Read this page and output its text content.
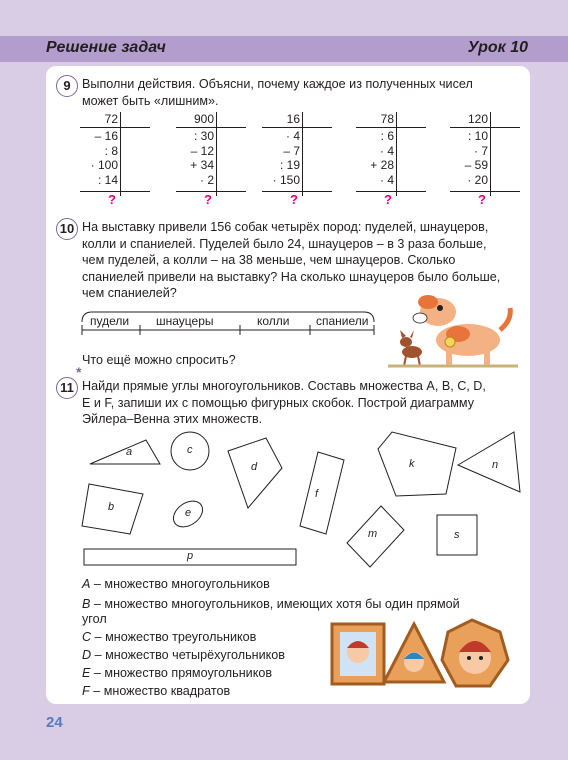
Решение задач	Урок 10
9 Выполни действия. Объясни, почему каждое из полученных чисел
может быть «лишним».
72
– 16
: 8
· 100
: 14
?
900
: 30
– 12
+ 34
· 2
?
16
· 4
– 7
: 19
· 150
?
78
: 6
· 4
+ 28
· 4
?
120
: 10
· 7
– 59
· 20
?
10 На выставку привели 156 собак четырёх пород: пуделей, шнауцеров,
колли и спаниелей. Пуделей было 24, шнауцеров – в 3 раза больше,
чем пуделей, а колли – на 38 меньше, чем шнауцеров. Сколько
спаниелей привели на выставку? На сколько шнауцеров было больше,
чем спаниелей?
пудели шнауцеры	колли спаниели
Что ещё можно спросить?
11
*
Найди прямые углы многоугольников. Составь множества A, B, C, D,
E и F, запиши их с помощью фигурных скобок. Построй диаграмму
Эйлера–Венна этих множеств.
a	c
d	k	n
b	e
f
m	s
p
A – множество многоугольников
B – множество многоугольников, имеющих хотя бы один прямой
угол
C – множество треугольников
D – множество четырёхугольников
E – множество прямоугольников
F – множество квадратов
24
